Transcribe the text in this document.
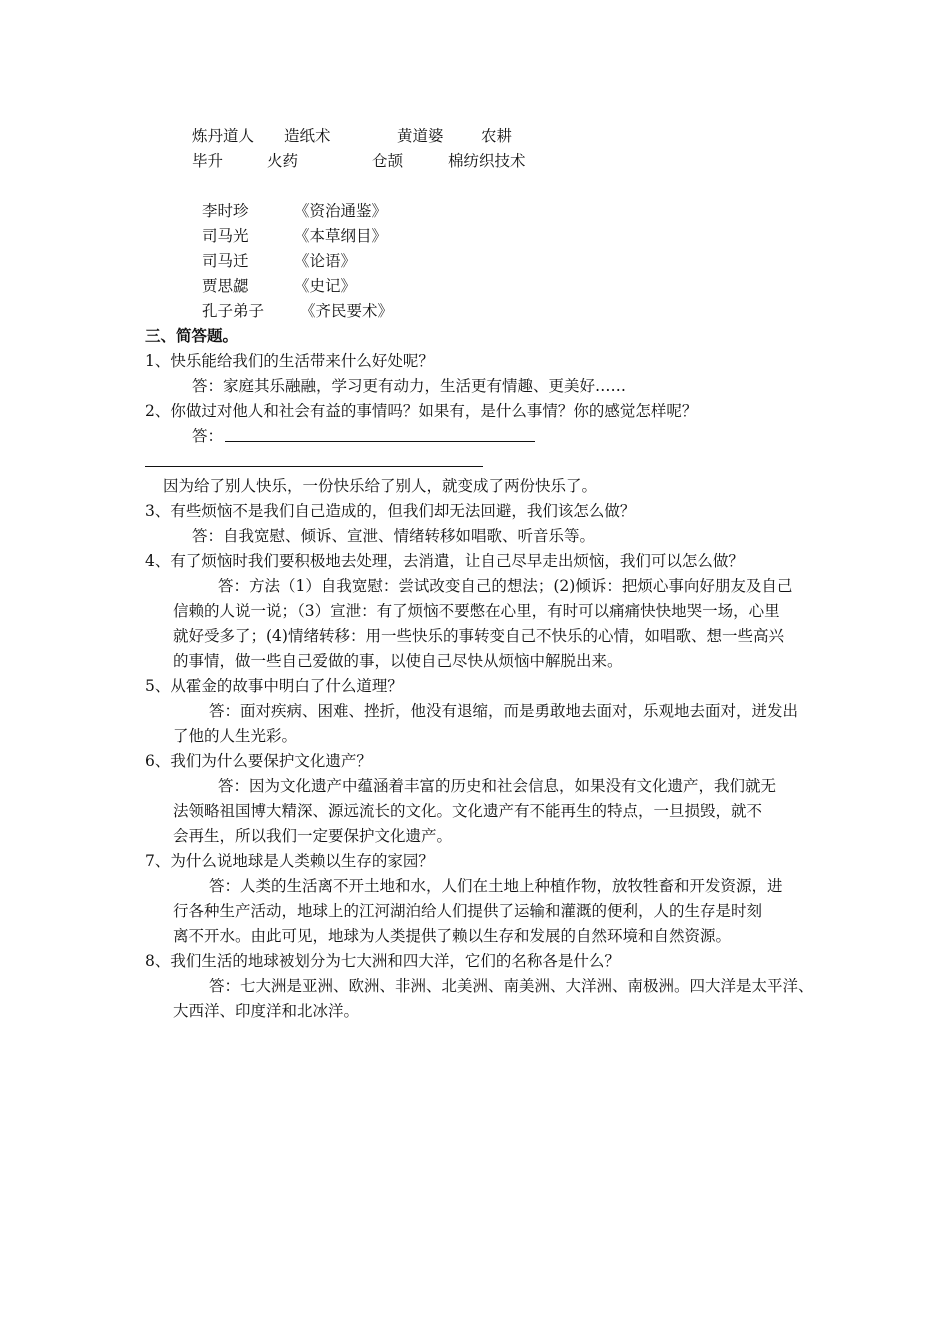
炼丹道人 造纸术	黄道婆 农耕
毕升	火药	仓颉	棉纺织技术
李时珍	《资治通鉴》
司马光	《本草纲目》
司马迁	《论语》
贾思勰	《史记》
孔子弟子 《齐民要术》
三、简答题。
1、快乐能给我们的生活带来什么好处呢？
答：家庭其乐融融，学习更有动力，生活更有情趣、更美好……
2、你做过对他人和社会有益的事情吗？如果有，是什么事情？你的感觉怎样呢？
答：
因为给了别人快乐，一份快乐给了别人，就变成了两份快乐了。
3、有些烦恼不是我们自己造成的，但我们却无法回避，我们该怎么做？
答：自我宽慰、倾诉、宣泄、情绪转移如唱歌、听音乐等。
4、有了烦恼时我们要积极地去处理，去消遣，让自己尽早走出烦恼，我们可以怎么做？
答：方法（1）自我宽慰：尝试改变自己的想法；(2)倾诉：把烦心事向好朋友及自己
信赖的人说一说；（3）宣泄：有了烦恼不要憋在心里，有时可以痛痛快快地哭一场，心里
就好受多了；(4)情绪转移：用一些快乐的事转变自己不快乐的心情，如唱歌、想一些高兴
的事情，做一些自己爱做的事，以使自己尽快从烦恼中解脱出来。
5、从霍金的故事中明白了什么道理？
答：面对疾病、困难、挫折，他没有退缩，而是勇敢地去面对，乐观地去面对，迸发出
了他的人生光彩。
6、我们为什么要保护文化遗产？
答：因为文化遗产中蕴涵着丰富的历史和社会信息，如果没有文化遗产，我们就无
法领略祖国博大精深、源远流长的文化。文化遗产有不能再生的特点，一旦损毁，就不
会再生，所以我们一定要保护文化遗产。
7、为什么说地球是人类赖以生存的家园？
答：人类的生活离不开土地和水，人们在土地上种植作物，放牧牲畜和开发资源，进
行各种生产活动，地球上的江河湖泊给人们提供了运输和灌溉的便利，人的生存是时刻
离不开水。由此可见，地球为人类提供了赖以生存和发展的自然环境和自然资源。
8、我们生活的地球被划分为七大洲和四大洋，它们的名称各是什么？
答：七大洲是亚洲、欧洲、非洲、北美洲、南美洲、大洋洲、南极洲。四大洋是太平洋、
大西洋、印度洋和北冰洋。
